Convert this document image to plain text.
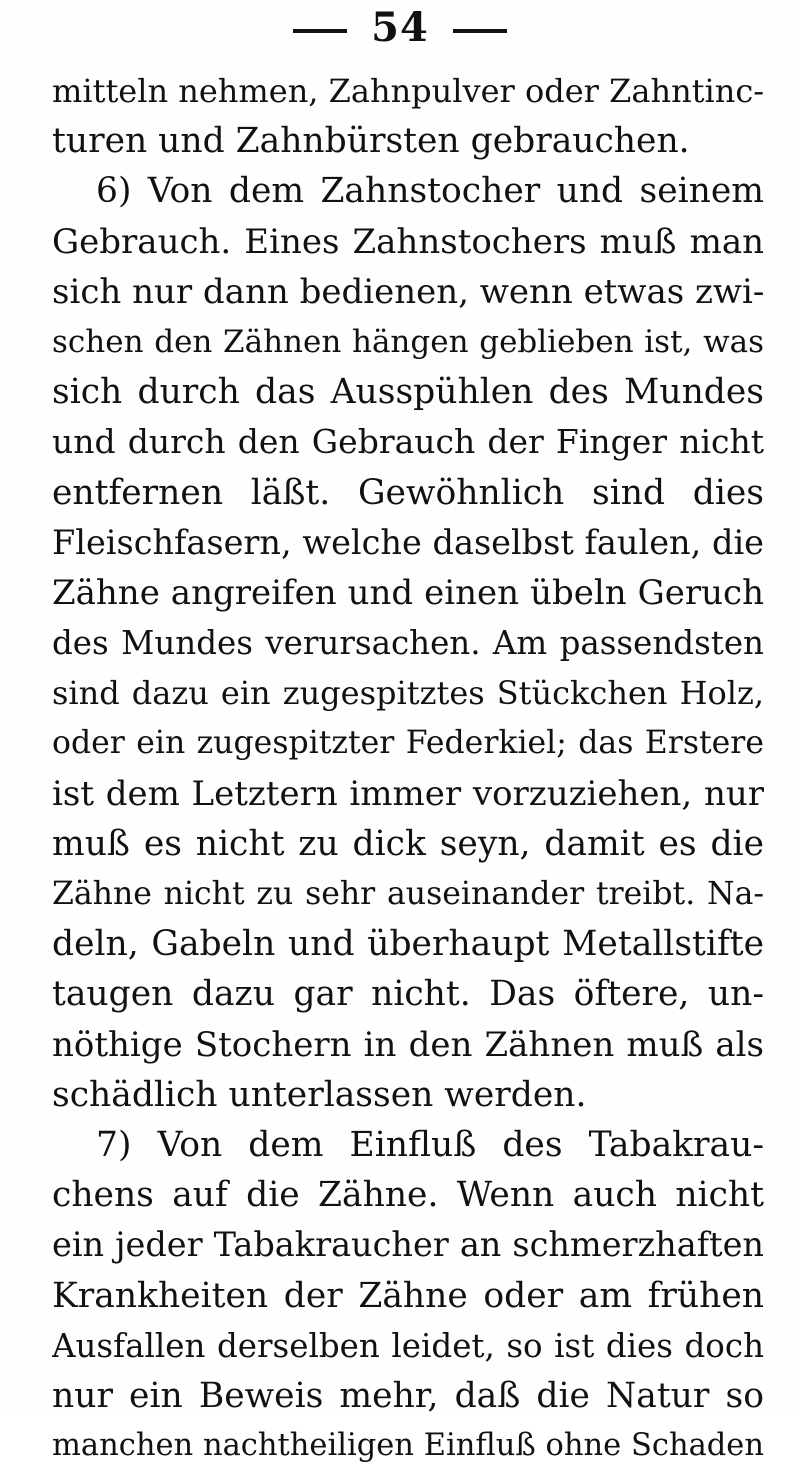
54
mitteln nehmen, Zahnpulver oder Zahntinc-
turen und Zahnbürsten gebrauchen.
6) Von dem Zahnstocher und seinem
Gebrauch. Eines Zahnstochers muß man
sich nur dann bedienen, wenn etwas zwi-
schen den Zähnen hängen geblieben ist, was
sich durch das Ausspühlen des Mundes
und durch den Gebrauch der Finger nicht
entfernen läßt. Gewöhnlich sind dies
Fleischfasern, welche daselbst faulen, die
Zähne angreifen und einen übeln Geruch
des Mundes verursachen. Am passendsten
sind dazu ein zugespitztes Stückchen Holz,
oder ein zugespitzter Federkiel; das Erstere
ist dem Letztern immer vorzuziehen, nur
muß es nicht zu dick seyn, damit es die
Zähne nicht zu sehr auseinander treibt. Na-
deln, Gabeln und überhaupt Metallstifte
taugen dazu gar nicht. Das öftere, un-
nöthige Stochern in den Zähnen muß als
schädlich unterlassen werden.
7) Von dem Einfluß des Tabakrau-
chens auf die Zähne. Wenn auch nicht
ein jeder Tabakraucher an schmerzhaften
Krankheiten der Zähne oder am frühen
Ausfallen derselben leidet, so ist dies doch
nur ein Beweis mehr, daß die Natur so
manchen nachtheiligen Einfluß ohne Schaden
